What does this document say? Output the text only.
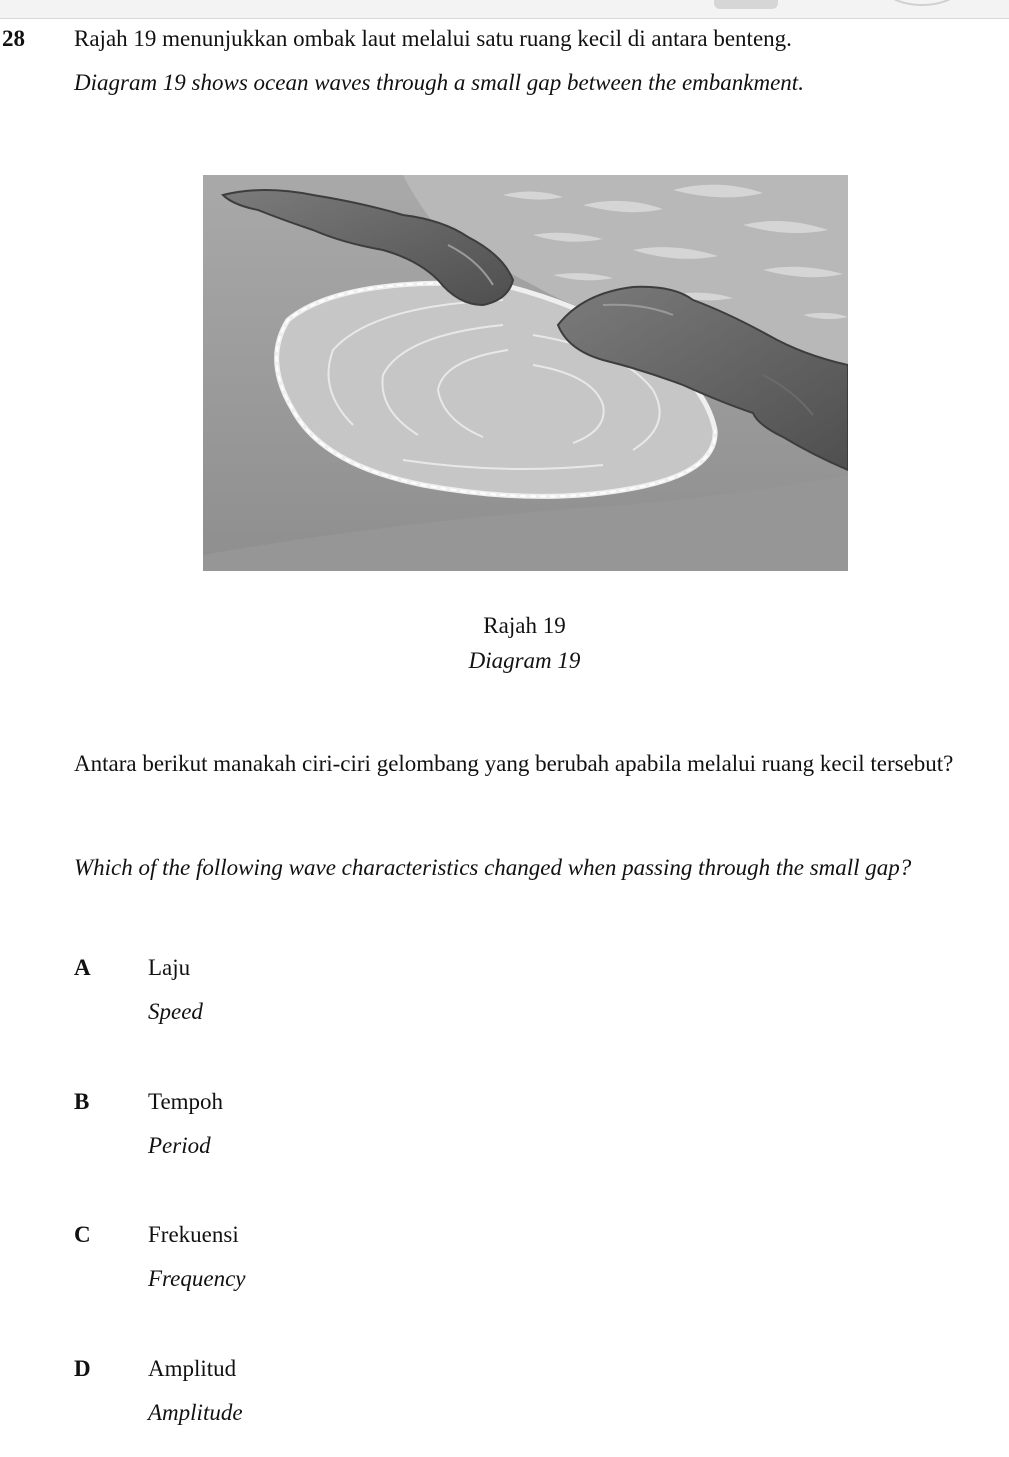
28 Rajah 19 menunjukkan ombak laut melalui satu ruang kecil di antara benteng.
Diagram 19 shows ocean waves through a small gap between the embankment.
Rajah 19
Diagram 19
Antara berikut manakah ciri-ciri gelombang yang berubah apabila melalui ruang kecil tersebut?
Which of the following wave characteristics changed when passing through the small gap?
A Laju
Speed
B	Tempoh
Period
C Frekuensi
Frequency
D Amplitud
Amplitude
